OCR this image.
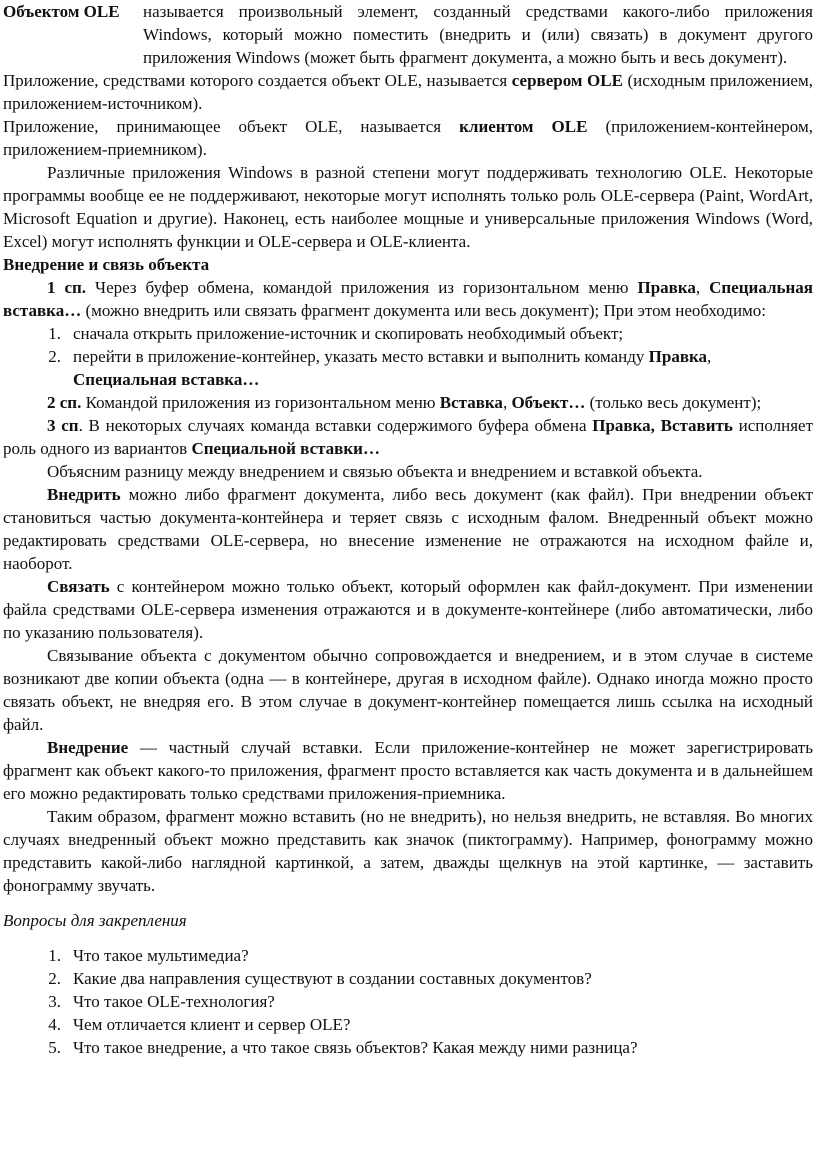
Объектом OLE	называется произвольный элемент, созданный средствами какого-либо приложения Windows, который можно поместить (внедрить и (или) связать) в документ другого приложения Windows (может быть фрагмент документа, а можно быть и весь документ).

Приложение, средствами которого создается объект OLE, называется сервером OLE (исходным приложением, приложением-источником).

Приложение, принимающее объект OLE, называется клиентом OLE (приложением-контейнером, приложением-приемником).

Различные приложения Windows в разной степени могут поддерживать технологию OLE. Некоторые программы вообще ее не поддерживают, некоторые могут исполнять только роль OLE-сервера (Paint, WordArt, Microsoft Equation и другие). Наконец, есть наиболее мощные и универсальные приложения Windows (Word, Excel) могут исполнять функции и OLE-сервера и OLE-клиента.

Внедрение и связь объекта

1 сп. Через буфер обмена, командой приложения из горизонтальном меню Правка, Специальная вставка… (можно внедрить или связать фрагмент документа или весь документ); При этом необходимо:

1. сначала открыть приложение-источник и скопировать необходимый объект;
2. перейти в приложение-контейнер, указать место вставки и выполнить команду Правка, Специальная вставка…

2 сп. Командой приложения из горизонтальном меню Вставка, Объект… (только весь документ);

3 сп. В некоторых случаях команда вставки содержимого буфера обмена Правка, Вставить исполняет роль одного из вариантов Специальной вставки…

Объясним разницу между внедрением и связью объекта и внедрением и вставкой объекта.

Внедрить можно либо фрагмент документа, либо весь документ (как файл). При внедрении объект становиться частью документа-контейнера и теряет связь с исходным фалом. Внедренный объект можно редактировать средствами OLE-сервера, но внесение изменение не отражаются на исходном файле и, наоборот.

Связать с контейнером можно только объект, который оформлен как файл-документ. При изменении файла средствами OLE-сервера изменения отражаются и в документе-контейнере (либо автоматически, либо по указанию пользователя).

Связывание объекта с документом обычно сопровождается и внедрением, и в этом случае в системе возникают две копии объекта (одна — в контейнере, другая в исходном файле). Однако иногда можно просто связать объект, не внедряя его. В этом случае в документ-контейнер помещается лишь ссылка на исходный файл.

Внедрение — частный случай вставки. Если приложение-контейнер не может зарегистрировать фрагмент как объект какого-то приложения, фрагмент просто вставляется как часть документа и в дальнейшем его можно редактировать только средствами приложения-приемника.

Таким образом, фрагмент можно вставить (но не внедрить), но нельзя внедрить, не вставляя. Во многих случаях внедренный объект можно представить как значок (пиктограмму). Например, фонограмму можно представить какой-либо наглядной картинкой, а затем, дважды щелкнув на этой картинке, — заставить фонограмму звучать.

Вопросы для закрепления

1. Что такое мультимедиа?
2. Какие два направления существуют в создании составных документов?
3. Что такое OLE-технология?
4. Чем отличается клиент и сервер OLE?
5. Что такое внедрение, а что такое связь объектов? Какая между ними разница?
